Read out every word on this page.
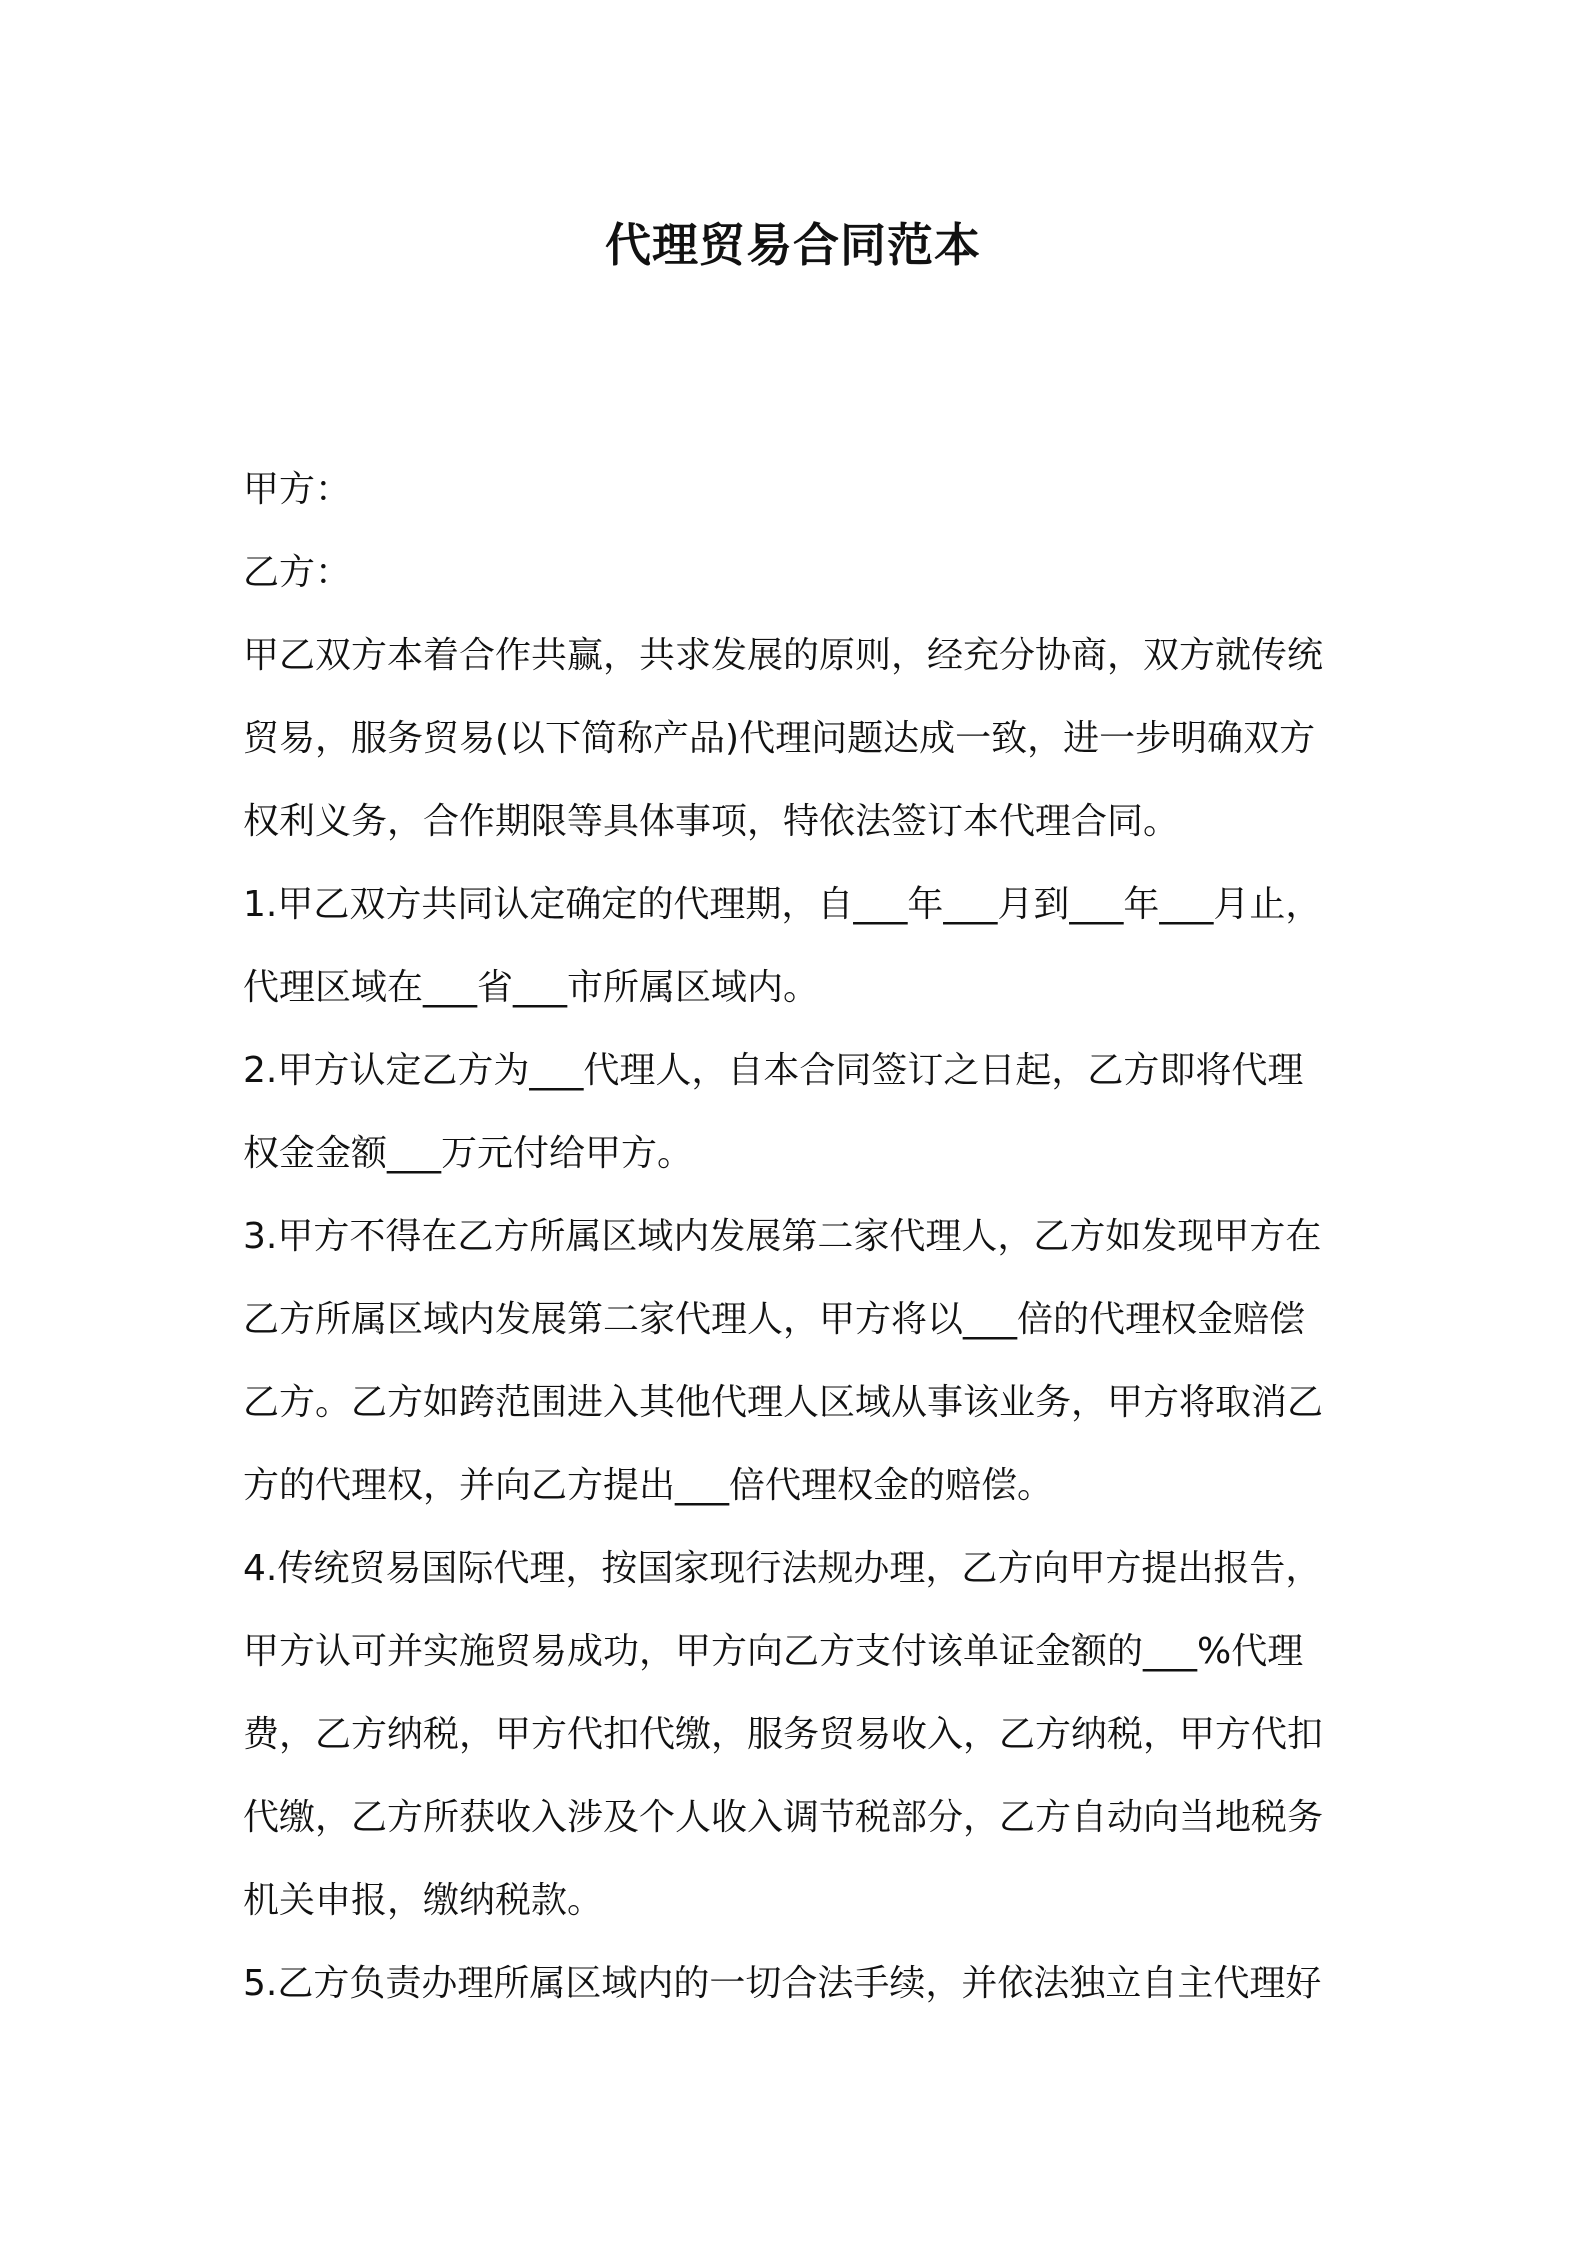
代理贸易合同范本
甲方：
乙方：
甲乙双方本着合作共赢，共求发展的原则，经充分协商，双方就传统
贸易，服务贸易(以下简称产品)代理问题达成一致，进一步明确双方
权利义务，合作期限等具体事项，特依法签订本代理合同。
1.甲乙双方共同认定确定的代理期，自___年___月到___年___月止，
代理区域在___省___市所属区域内。
2.甲方认定乙方为___代理人，自本合同签订之日起，乙方即将代理
权金金额___万元付给甲方。
3.甲方不得在乙方所属区域内发展第二家代理人，乙方如发现甲方在
乙方所属区域内发展第二家代理人，甲方将以___倍的代理权金赔偿
乙方。乙方如跨范围进入其他代理人区域从事该业务，甲方将取消乙
方的代理权，并向乙方提出___倍代理权金的赔偿。
4.传统贸易国际代理，按国家现行法规办理，乙方向甲方提出报告，
甲方认可并实施贸易成功，甲方向乙方支付该单证金额的___%代理
费，乙方纳税，甲方代扣代缴，服务贸易收入，乙方纳税，甲方代扣
代缴，乙方所获收入涉及个人收入调节税部分，乙方自动向当地税务
机关申报，缴纳税款。
5.乙方负责办理所属区域内的一切合法手续，并依法独立自主代理好
